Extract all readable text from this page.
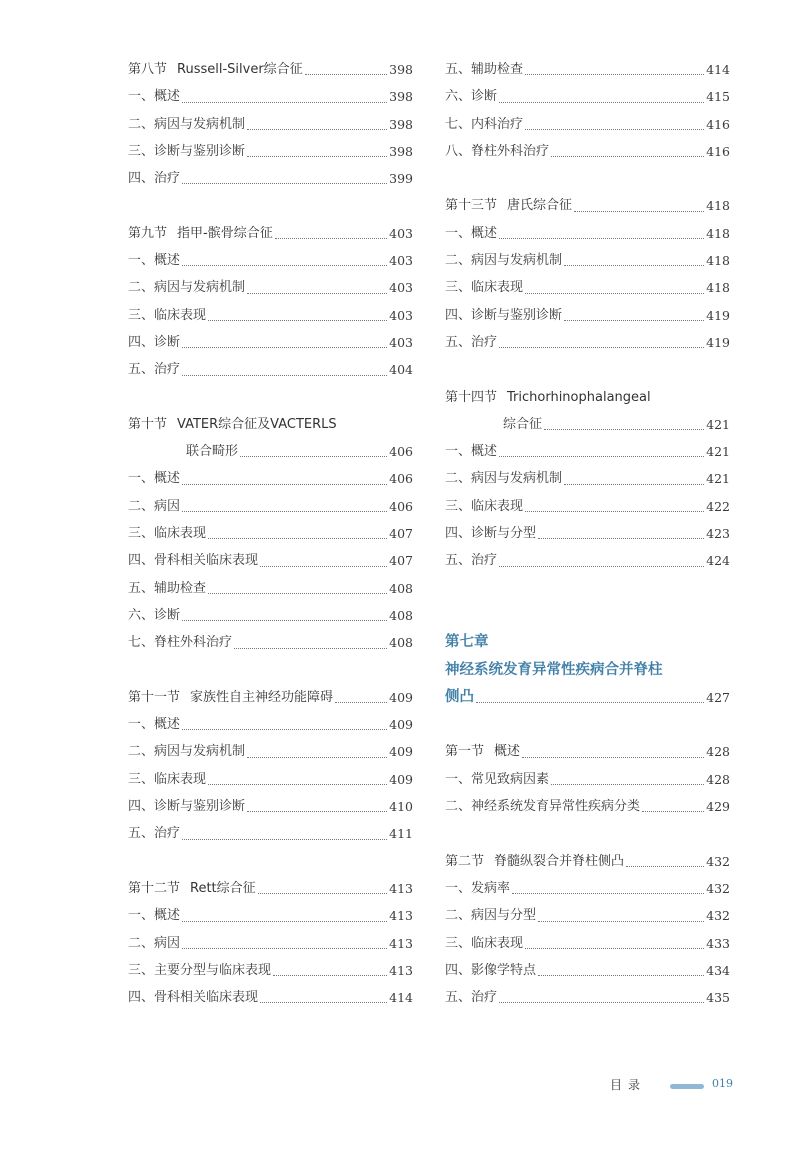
第八节 Russell-Silver综合征	398
一、概述	398
二、病因与发病机制	398
三、诊断与鉴别诊断	398
四、治疗	399
第九节 指甲-髌骨综合征	403
一、概述	403
二、病因与发病机制	403
三、临床表现	403
四、诊断	403
五、治疗	404
第十节 VATER综合征及VACTERLS
联合畸形	406
一、概述	406
二、病因	406
三、临床表现	407
四、骨科相关临床表现	407
五、辅助检查	408
六、诊断	408
七、脊柱外科治疗	408
第十一节 家族性自主神经功能障碍	409
一、概述	409
二、病因与发病机制	409
三、临床表现	409
四、诊断与鉴别诊断	410
五、治疗	411
第十二节 Rett综合征	413
一、概述	413
二、病因	413
三、主要分型与临床表现	413
四、骨科相关临床表现	414
五、辅助检查	414
六、诊断	415
七、内科治疗	416
八、脊柱外科治疗	416
第十三节 唐氏综合征	418
一、概述	418
二、病因与发病机制	418
三、临床表现	418
四、诊断与鉴别诊断	419
五、治疗	419
第十四节 Trichorhinophalangeal
综合征	421
一、概述	421
二、病因与发病机制	421
三、临床表现	422
四、诊断与分型	423
五、治疗	424
第七章
神经系统发育异常性疾病合并脊柱
侧凸	427
第一节 概述	428
一、常见致病因素	428
二、神经系统发育异常性疾病分类	429
第二节 脊髓纵裂合并脊柱侧凸	432
一、发病率	432
二、病因与分型	432
三、临床表现	433
四、影像学特点	434
五、治疗	435
目录	019
